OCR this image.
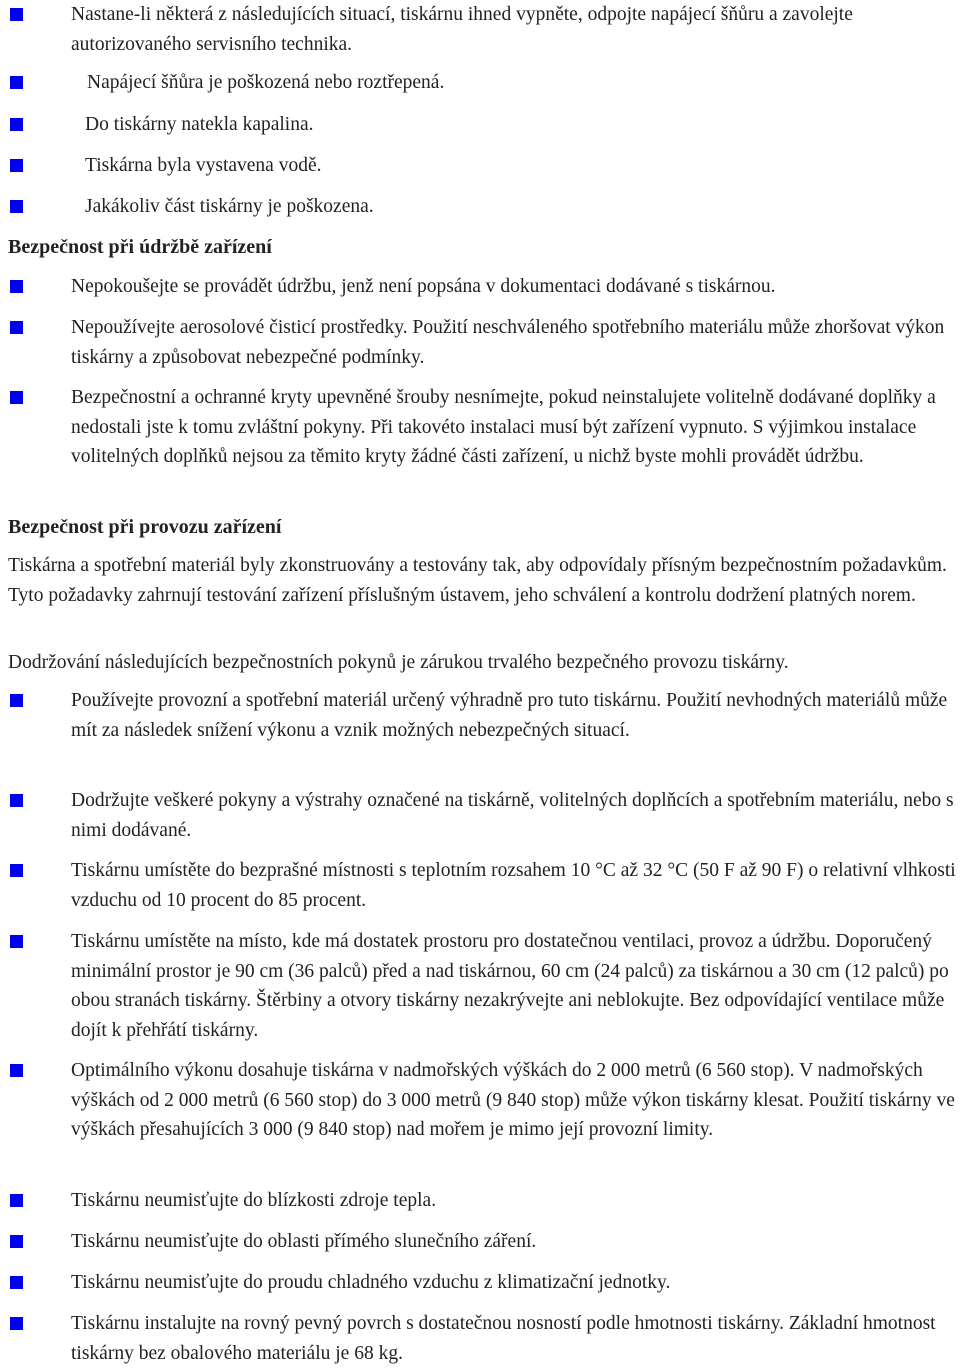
Nastane-li některá z následujících situací, tiskárnu ihned vypněte, odpojte napájecí šňůru a zavolejte autorizovaného servisního technika.
Napájecí šňůra je poškozená nebo roztřepená.
Do tiskárny natekla kapalina.
Tiskárna byla vystavena vodě.
Jakákoliv část tiskárny je poškozena.
Bezpečnost při údržbě zařízení
Nepokoušejte se provádět údržbu, jenž není popsána v dokumentaci dodávané s tiskárnou.
Nepoužívejte aerosolové čisticí prostředky. Použití neschváleného spotřebního materiálu může zhoršovat výkon tiskárny a způsobovat nebezpečné podmínky.
Bezpečnostní a ochranné kryty upevněné šrouby nesnímejte, pokud neinstalujete volitelně dodávané doplňky a nedostali jste k tomu zvláštní pokyny. Při takovéto instalaci musí být zařízení vypnuto. S výjimkou instalace volitelných doplňků nejsou za těmito kryty žádné části zařízení, u nichž byste mohli provádět údržbu.
Bezpečnost při provozu zařízení
Tiskárna a spotřební materiál byly zkonstruovány a testovány tak, aby odpovídaly přísným bezpečnostním požadavkům. Tyto požadavky zahrnují testování zařízení příslušným ústavem, jeho schválení a kontrolu dodržení platných norem.
Dodržování následujících bezpečnostních pokynů je zárukou trvalého bezpečného provozu tiskárny.
Používejte provozní a spotřební materiál určený výhradně pro tuto tiskárnu. Použití nevhodných materiálů může mít za následek snížení výkonu a vznik možných nebezpečných situací.
Dodržujte veškeré pokyny a výstrahy označené na tiskárně, volitelných doplňcích a spotřebním materiálu, nebo s nimi dodávané.
Tiskárnu umístěte do bezprašné místnosti s teplotním rozsahem 10 °C až 32 °C (50 F až 90 F) o relativní vlhkosti vzduchu od 10 procent do 85 procent.
Tiskárnu umístěte na místo, kde má dostatek prostoru pro dostatečnou ventilaci, provoz a údržbu. Doporučený minimální prostor je 90 cm (36 palců) před a nad tiskárnou, 60 cm (24 palců) za tiskárnou a 30 cm (12 palců) po obou stranách tiskárny. Štěrbiny a otvory tiskárny nezakrývejte ani neblokujte. Bez odpovídající ventilace může dojít k přehřátí tiskárny.
Optimálního výkonu dosahuje tiskárna v nadmořských výškách do 2 000 metrů (6 560 stop). V nadmořských výškách od 2 000 metrů (6 560 stop) do 3 000 metrů (9 840 stop) může výkon tiskárny klesat. Použití tiskárny ve výškách přesahujících 3 000 (9 840 stop) nad mořem je mimo její provozní limity.
Tiskárnu neumisťujte do blízkosti zdroje tepla.
Tiskárnu neumisťujte do oblasti přímého slunečního záření.
Tiskárnu neumisťujte do proudu chladného vzduchu z klimatizační jednotky.
Tiskárnu instalujte na rovný pevný povrch s dostatečnou nosností podle hmotnosti tiskárny. Základní hmotnost tiskárny bez obalového materiálu je 68 kg.
